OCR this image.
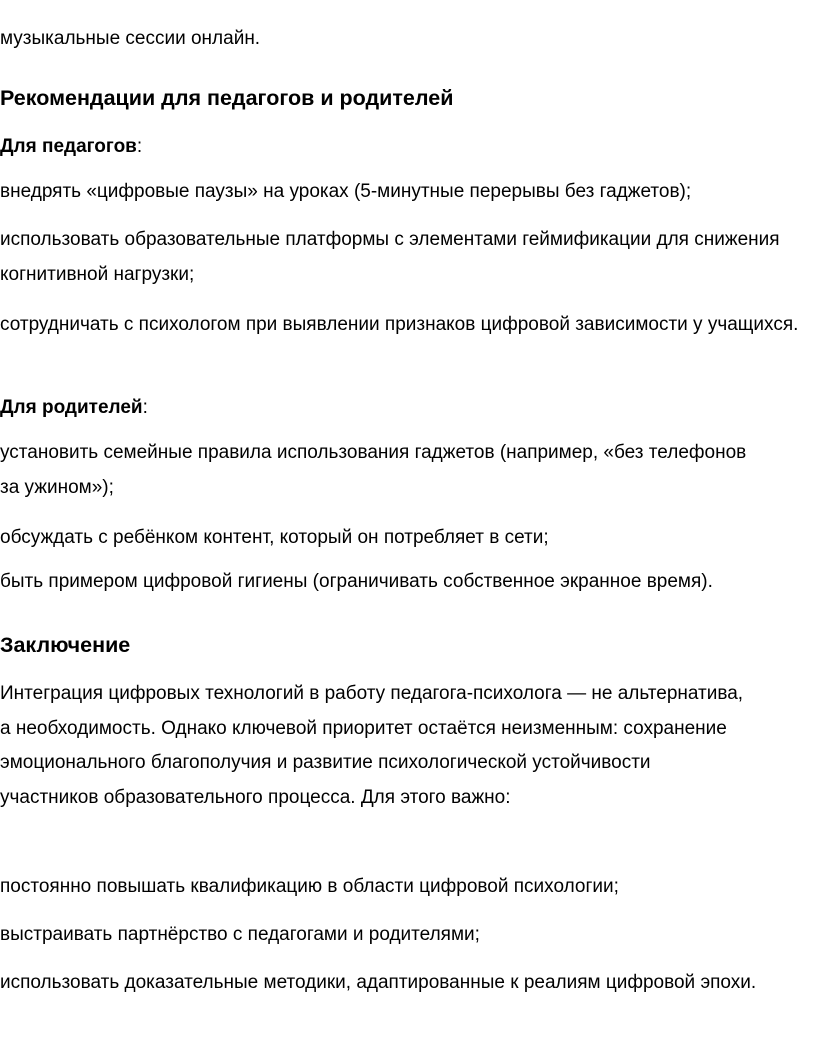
музыкальные сессии онлайн.

Рекомендации для педагогов и родителей

Для педагогов:

внедрять «цифровые паузы» на уроках (5-минутные перерывы без гаджетов);

использовать образовательные платформы с элементами геймификации для снижения когнитивной нагрузки;

сотрудничать с психологом при выявлении признаков цифровой зависимости у учащихся.

Для родителей:

установить семейные правила использования гаджетов (например, «без телефонов за ужином»);

обсуждать с ребёнком контент, который он потребляет в сети;

быть примером цифровой гигиены (ограничивать собственное экранное время).

Заключение

Интеграция цифровых технологий в работу педагога-психолога — не альтернатива, а необходимость. Однако ключевой приоритет остаётся неизменным: сохранение эмоционального благополучия и развитие психологической устойчивости участников образовательного процесса. Для этого важно:

постоянно повышать квалификацию в области цифровой психологии;

выстраивать партнёрство с педагогами и родителями;

использовать доказательные методики, адаптированные к реалиям цифровой эпохи.
